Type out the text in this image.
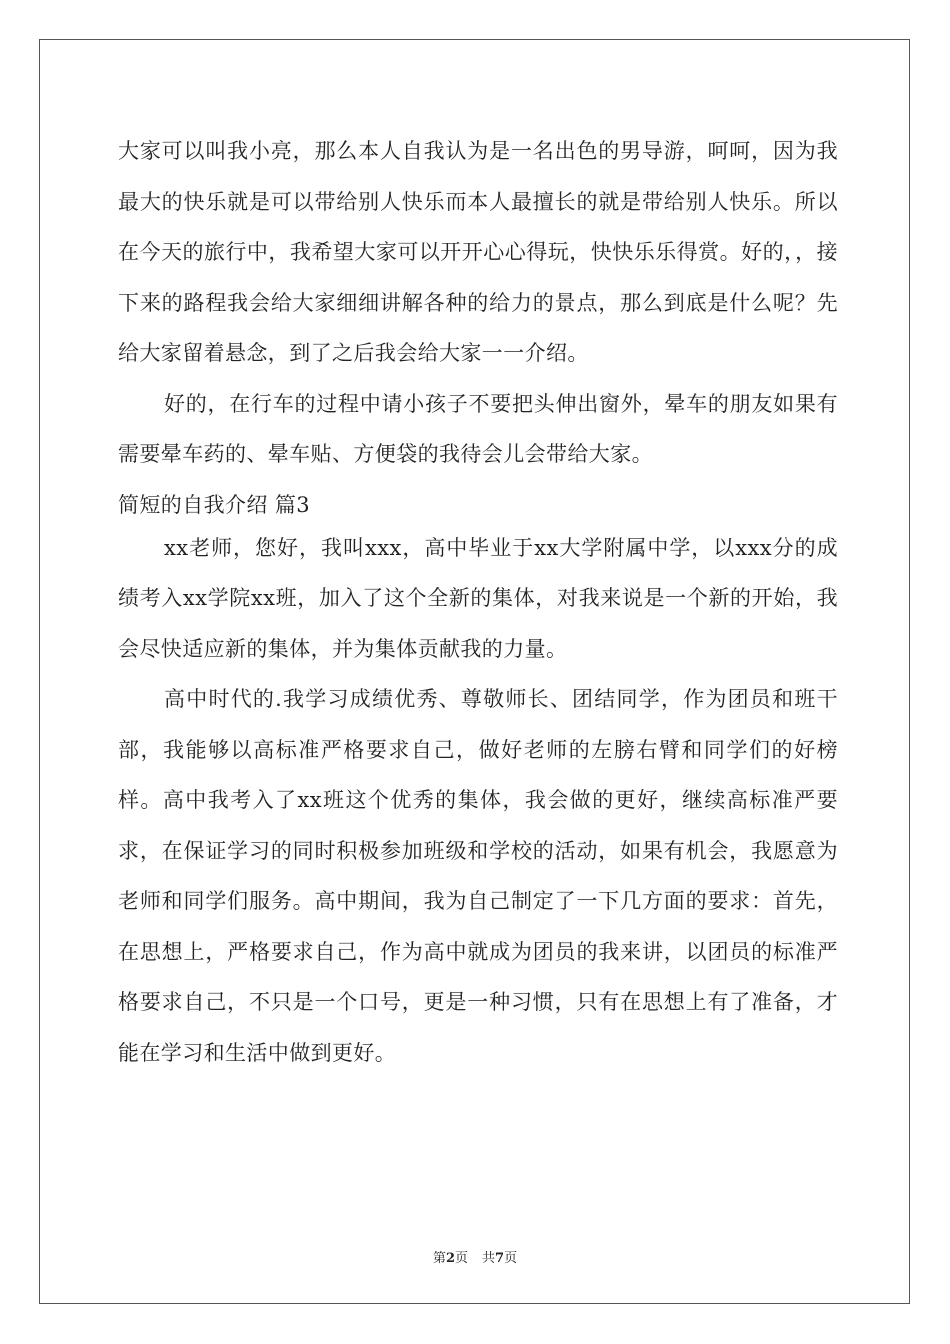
大家可以叫我小亮，那么本人自我认为是一名出色的男导游，呵呵，因为我最大的快乐就是可以带给别人快乐而本人最擅长的就是带给别人快乐。所以在今天的旅行中，我希望大家可以开开心心得玩，快快乐乐得赏。好的，，接下来的路程我会给大家细细讲解各种的给力的景点，那么到底是什么呢？先给大家留着悬念，到了之后我会给大家一一介绍。

好的，在行车的过程中请小孩子不要把头伸出窗外，晕车的朋友如果有需要晕车药的、晕车贴、方便袋的我待会儿会带给大家。

简短的自我介绍 篇3

xx老师，您好，我叫xxx，高中毕业于xx大学附属中学，以xxx分的成绩考入xx学院xx班，加入了这个全新的集体，对我来说是一个新的开始，我会尽快适应新的集体，并为集体贡献我的力量。

高中时代的.我学习成绩优秀、尊敬师长、团结同学，作为团员和班干部，我能够以高标准严格要求自己，做好老师的左膀右臂和同学们的好榜样。高中我考入了xx班这个优秀的集体，我会做的更好，继续高标准严要求，在保证学习的同时积极参加班级和学校的活动，如果有机会，我愿意为老师和同学们服务。高中期间，我为自己制定了一下几方面的要求：首先，在思想上，严格要求自己，作为高中就成为团员的我来讲，以团员的标准严格要求自己，不只是一个口号，更是一种习惯，只有在思想上有了准备，才能在学习和生活中做到更好。

第2页 共7页
